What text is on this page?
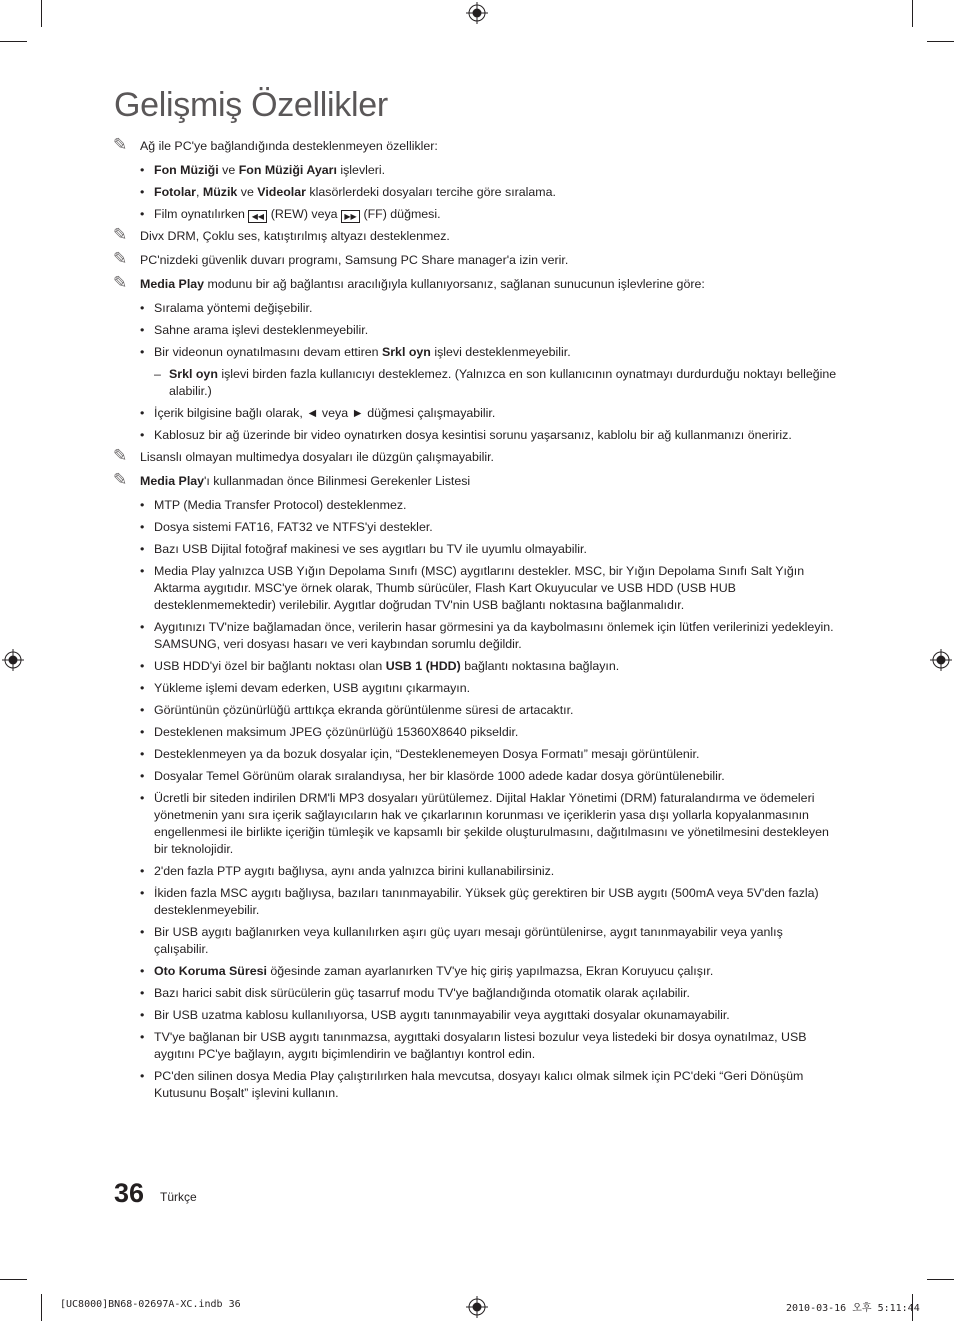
Gelişmiş Özellikler
✎ Ağ ile PC'ye bağlandığında desteklenmeyen özellikler:
• Fon Müziği ve Fon Müziği Ayarı işlevleri.
• Fotolar, Müzik ve Videolar klasörlerdeki dosyaları tercihe göre sıralama.
• Film oynatılırken ◀◀ (REW) veya ▶▶ (FF) düğmesi.
✎ Divx DRM, Çoklu ses, katıştırılmış altyazı desteklenmez.
✎ PC'nizdeki güvenlik duvarı programı, Samsung PC Share manager'a izin verir.
✎ Media Play modunu bir ağ bağlantısı aracılığıyla kullanıyorsanız, sağlanan sunucunun işlevlerine göre:
• Sıralama yöntemi değişebilir.
• Sahne arama işlevi desteklenmeyebilir.
• Bir videonun oynatılmasını devam ettiren Srkl oyn işlevi desteklenmeyebilir.
– Srkl oyn işlevi birden fazla kullanıcıyı desteklemez. (Yalnızca en son kullanıcının oynatmayı durdurduğu noktayı belleğine alabilir.)
• İçerik bilgisine bağlı olarak, ◄ veya ► düğmesi çalışmayabilir.
• Kablosuz bir ağ üzerinde bir video oynatırken dosya kesintisi sorunu yaşarsanız, kablolu bir ağ kullanmanızı öneririz.
✎ Lisanslı olmayan multimedya dosyaları ile düzgün çalışmayabilir.
✎ Media Play'ı kullanmadan önce Bilinmesi Gerekenler Listesi
• MTP (Media Transfer Protocol) desteklenmez.
• Dosya sistemi FAT16, FAT32 ve NTFS'yi destekler.
• Bazı USB Dijital fotoğraf makinesi ve ses aygıtları bu TV ile uyumlu olmayabilir.
• Media Play yalnızca USB Yığın Depolama Sınıfı (MSC) aygıtlarını destekler. MSC, bir Yığın Depolama Sınıfı Salt Yığın Aktarma aygıtıdır. MSC'ye örnek olarak, Thumb sürücüler, Flash Kart Okuyucular ve USB HDD (USB HUB desteklenmemektedir) verilebilir. Aygıtlar doğrudan TV'nin USB bağlantı noktasına bağlanmalıdır.
• Aygıtınızı TV'nize bağlamadan önce, verilerin hasar görmesini ya da kaybolmasını önlemek için lütfen verilerinizi yedekleyin. SAMSUNG, veri dosyası hasarı ve veri kaybından sorumlu değildir.
• USB HDD'yi özel bir bağlantı noktası olan USB 1 (HDD) bağlantı noktasına bağlayın.
• Yükleme işlemi devam ederken, USB aygıtını çıkarmayın.
• Görüntünün çözünürlüğü arttıkça ekranda görüntülenme süresi de artacaktır.
• Desteklenen maksimum JPEG çözünürlüğü 15360X8640 pikseldir.
• Desteklenmeyen ya da bozuk dosyalar için, “Desteklenemeyen Dosya Formatı” mesajı görüntülenir.
• Dosyalar Temel Görünüm olarak sıralandıysa, her bir klasörde 1000 adede kadar dosya görüntülenebilir.
• Ücretli bir siteden indirilen DRM'li MP3 dosyaları yürütülemez. Dijital Haklar Yönetimi (DRM) faturalandırma ve ödemeleri yönetmenin yanı sıra içerik sağlayıcıların hak ve çıkarlarının korunması ve içeriklerin yasa dışı yollarla kopyalanmasının engellenmesi ile birlikte içeriğin tümleşik ve kapsamlı bir şekilde oluşturulmasını, dağıtılmasını ve yönetilmesini destekleyen bir teknolojidir.
• 2'den fazla PTP aygıtı bağlıysa, aynı anda yalnızca birini kullanabilirsiniz.
• İkiden fazla MSC aygıtı bağlıysa, bazıları tanınmayabilir. Yüksek güç gerektiren bir USB aygıtı (500mA veya 5V'den fazla) desteklenmeyebilir.
• Bir USB aygıtı bağlanırken veya kullanılırken aşırı güç uyarı mesajı görüntülenirse, aygıt tanınmayabilir veya yanlış çalışabilir.
• Oto Koruma Süresi öğesinde zaman ayarlanırken TV'ye hiç giriş yapılmazsa, Ekran Koruyucu çalışır.
• Bazı harici sabit disk sürücülerin güç tasarruf modu TV'ye bağlandığında otomatik olarak açılabilir.
• Bir USB uzatma kablosu kullanılıyorsa, USB aygıtı tanınmayabilir veya aygıttaki dosyalar okunamayabilir.
• TV'ye bağlanan bir USB aygıtı tanınmazsa, aygıttaki dosyaların listesi bozulur veya listedeki bir dosya oynatılmaz, USB aygıtını PC'ye bağlayın, aygıtı biçimlendirin ve bağlantıyı kontrol edin.
• PC'den silinen dosya Media Play çalıştırılırken hala mevcutsa, dosyayı kalıcı olmak silmek için PC'deki “Geri Dönüşüm Kutusunu Boşalt” işlevini kullanın.
36 Türkçe
[UC8000]BN68-02697A-XC.indb 36	2010-03-16 오후 5:11:44
